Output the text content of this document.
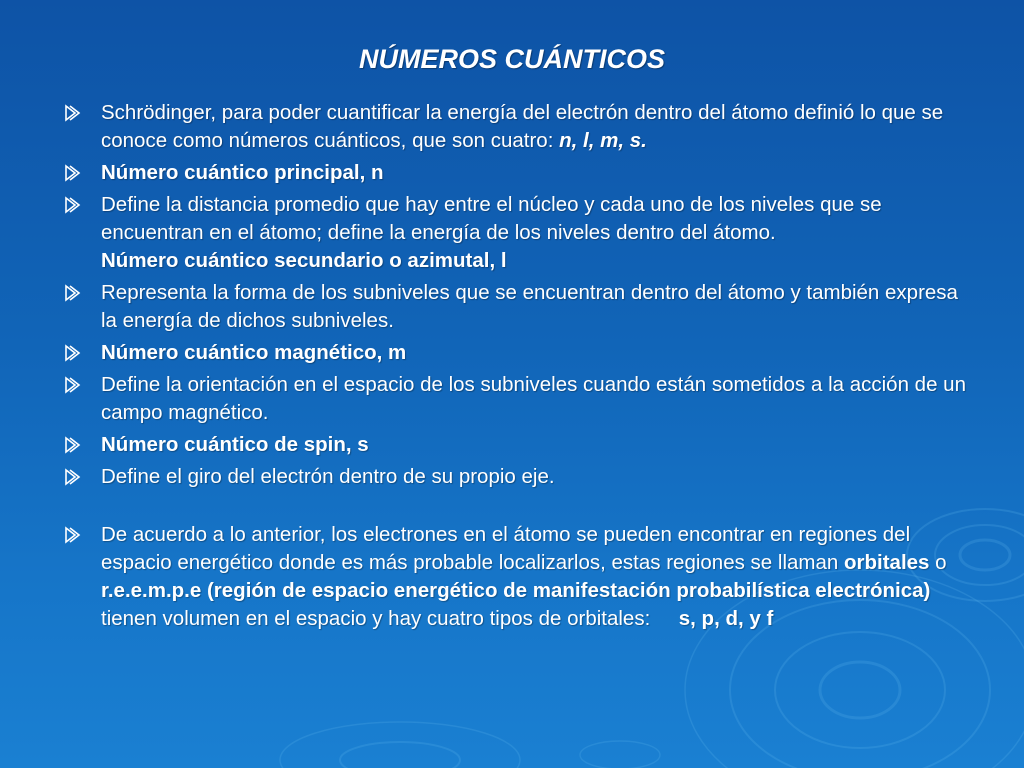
NÚMEROS CUÁNTICOS
Schrödinger, para poder cuantificar la energía del electrón dentro del átomo definió lo que se conoce como números cuánticos, que son cuatro: n, l, m, s.
Número cuántico principal, n
Define la distancia promedio que hay entre el núcleo y cada uno de los niveles que se encuentran en el átomo; define la energía de los niveles dentro del átomo.
Número cuántico secundario o azimutal, l
Representa la forma de los subniveles que se encuentran dentro del átomo y también expresa la energía de dichos subniveles.
Número cuántico magnético, m
Define la orientación en el espacio de los subniveles cuando están sometidos a la acción de un campo magnético.
Número cuántico de spin, s
Define el giro del electrón dentro de su propio eje.
De acuerdo a lo anterior, los electrones en el átomo se pueden encontrar en regiones del espacio energético donde es más probable localizarlos, estas regiones se llaman orbitales o   r.e.e.m.p.e (región de espacio energético de manifestación probabilística electrónica)  tienen volumen en el espacio y hay cuatro tipos de orbitales:     s, p, d, y f
